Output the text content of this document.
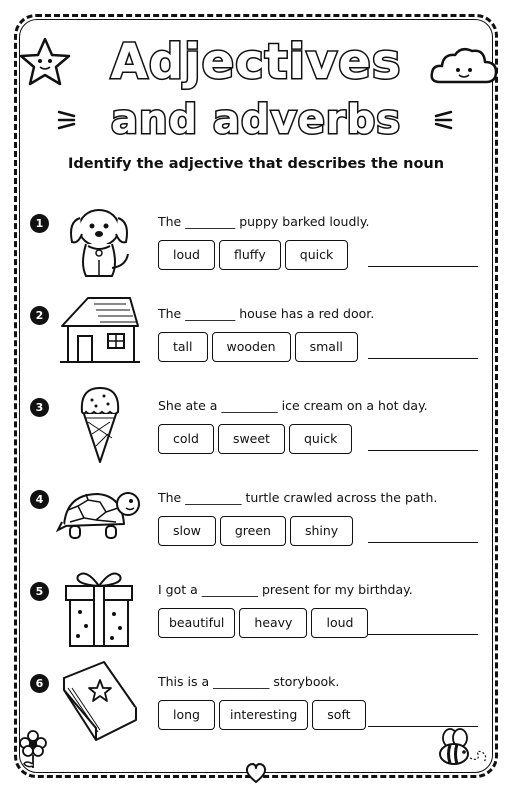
Adjectives
and adverbs

Identify the adjective that describes the noun

1	The ________ puppy barked loudly.
loud	fluffy	quick
2	The ________ house has a red door.
tall	wooden	small
3	She ate a _________ ice cream on a hot day.
cold	sweet	quick
4	The _________ turtle crawled across the path.
slow	green	shiny
5	I got a _________ present for my birthday.
beautiful	heavy	loud
6	This is a _________ storybook.
long	interesting	soft
